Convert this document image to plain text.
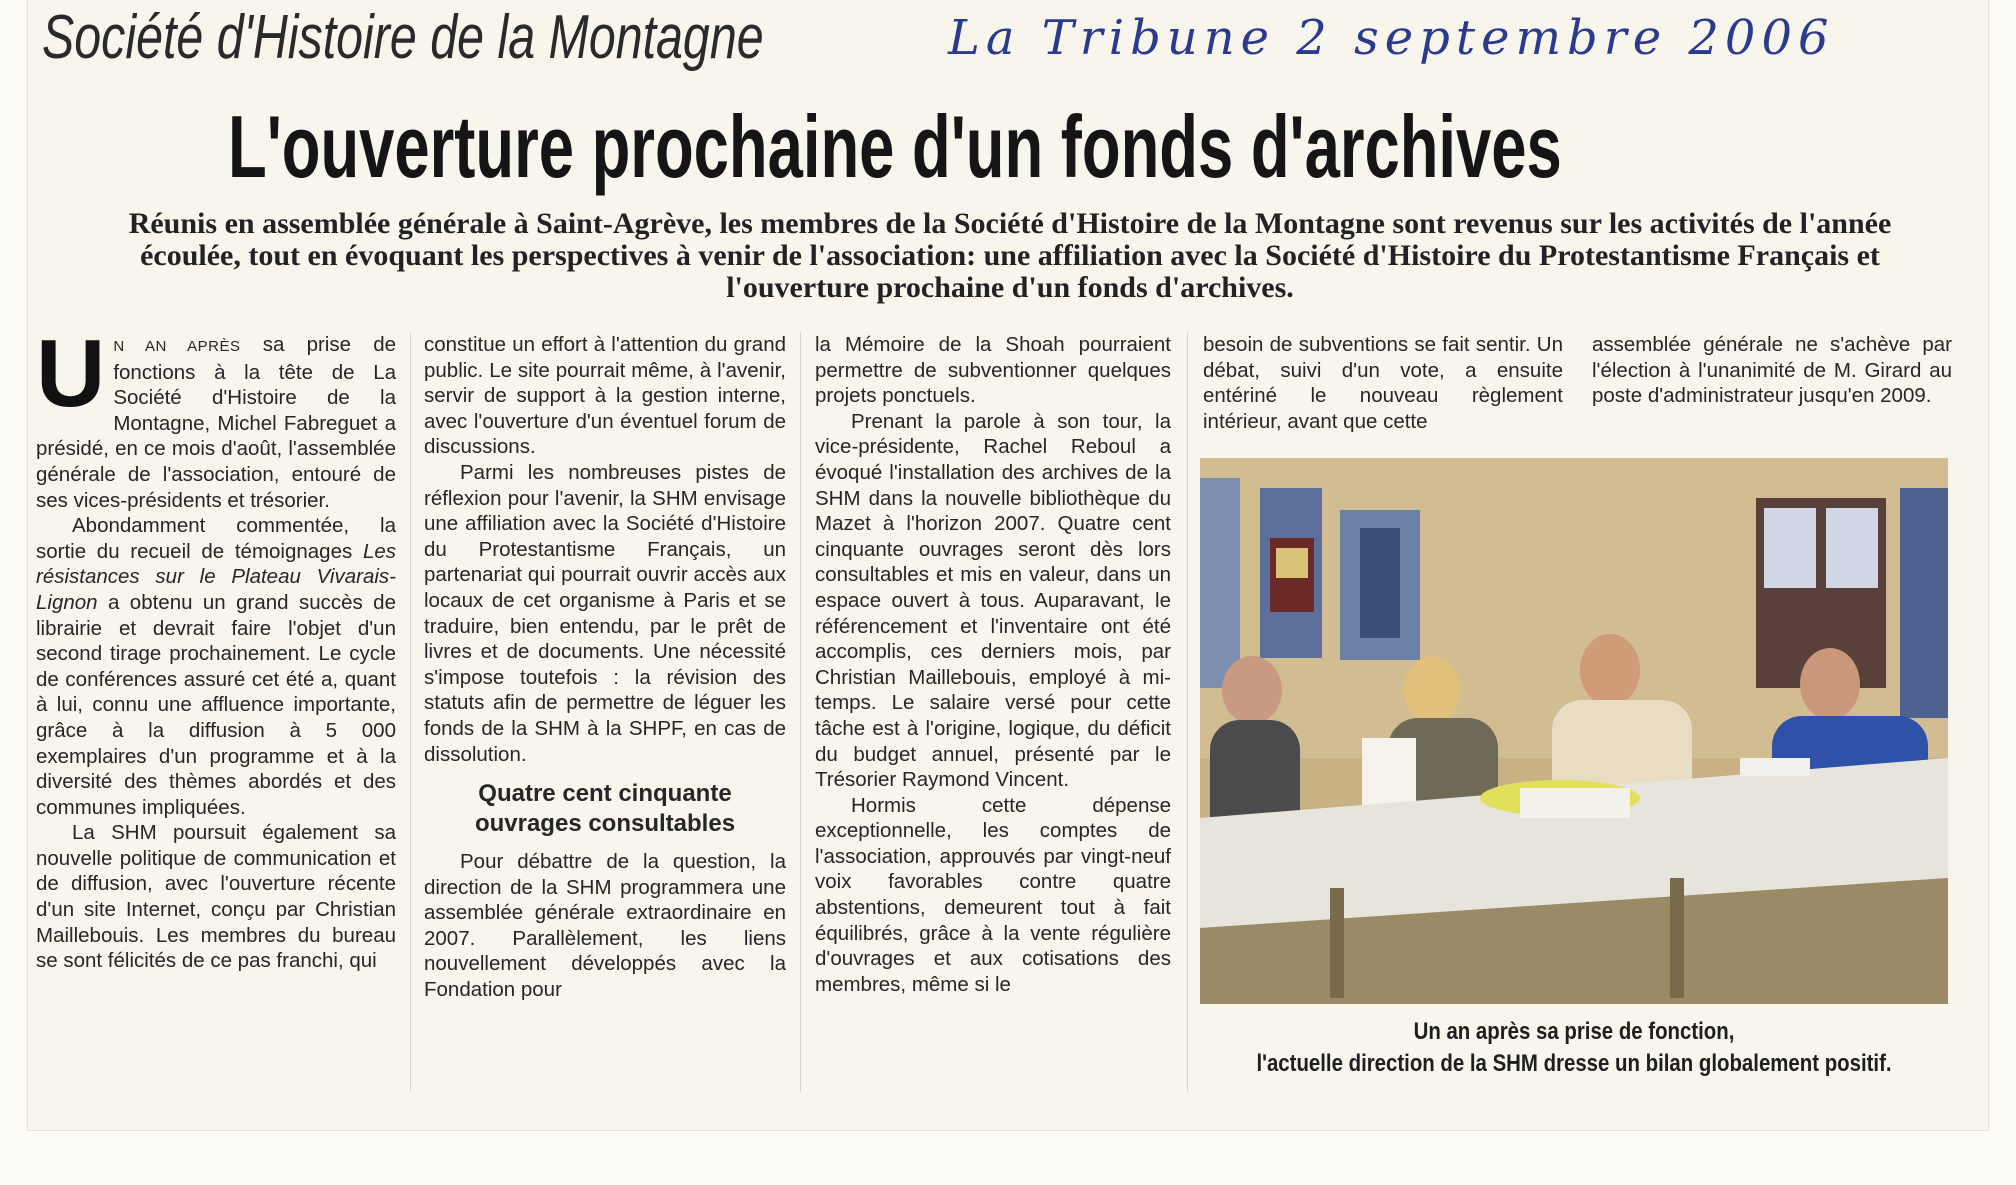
Société d'Histoire de la Montagne	La Tribune 2 septembre 2006
L'ouverture prochaine d'un fonds d'archives
Réunis en assemblée générale à Saint-Agrève, les membres de la Société d'Histoire de la Montagne sont revenus sur les activités de l'année écoulée, tout en évoquant les perspectives à venir de l'association: une affiliation avec la Société d'Histoire du Protestantisme Français et l'ouverture prochaine d'un fonds d'archives.

U N AN APRÈS sa prise de fonctions à la tête de La Société d'Histoire de la Montagne, Michel Fabreguet a présidé, en ce mois d'août, l'assemblée générale de l'association, entouré de ses vices-présidents et trésorier.

Abondamment commentée, la sortie du recueil de témoignages Les résistances sur le Plateau Vivarais-Lignon a obtenu un grand succès de librairie et devrait faire l'objet d'un second tirage prochainement. Le cycle de conférences assuré cet été a, quant à lui, connu une affluence importante, grâce à la diffusion à 5 000 exemplaires d'un programme et à la diversité des thèmes abordés et des communes impliquées.

La SHM poursuit également sa nouvelle politique de communication et de diffusion, avec l'ouverture récente d'un site Internet, conçu par Christian Maillebouis. Les membres du bureau se sont félicités de ce pas franchi, qui

constitue un effort à l'attention du grand public. Le site pourrait même, à l'avenir, servir de support à la gestion interne, avec l'ouverture d'un éventuel forum de discussions.

Parmi les nombreuses pistes de réflexion pour l'avenir, la SHM envisage une affiliation avec la Société d'Histoire du Protestantisme Français, un partenariat qui pourrait ouvrir accès aux locaux de cet organisme à Paris et se traduire, bien entendu, par le prêt de livres et de documents. Une nécessité s'impose toutefois : la révision des statuts afin de permettre de léguer les fonds de la SHM à la SHPF, en cas de dissolution.

Quatre cent cinquante ouvrages consultables

Pour débattre de la question, la direction de la SHM programmera une assemblée générale extraordinaire en 2007. Parallèlement, les liens nouvellement développés avec la Fondation pour

la Mémoire de la Shoah pourraient permettre de subventionner quelques projets ponctuels.

Prenant la parole à son tour, la vice-présidente, Rachel Reboul a évoqué l'installation des archives de la SHM dans la nouvelle bibliothèque du Mazet à l'horizon 2007. Quatre cent cinquante ouvrages seront dès lors consultables et mis en valeur, dans un espace ouvert à tous. Auparavant, le référencement et l'inventaire ont été accomplis, ces derniers mois, par Christian Maillebouis, employé à mi-temps. Le salaire versé pour cette tâche est à l'origine, logique, du déficit du budget annuel, présenté par le Trésorier Raymond Vincent.

Hormis cette dépense exceptionnelle, les comptes de l'association, approuvés par vingt-neuf voix favorables contre quatre abstentions, demeurent tout à fait équilibrés, grâce à la vente régulière d'ouvrages et aux cotisations des membres, même si le

besoin de subventions se fait sentir. Un débat, suivi d'un vote, a ensuite entériné le nouveau règlement intérieur, avant que cette

assemblée générale ne s'achève par l'élection à l'unanimité de M. Girard au poste d'administrateur jusqu'en 2009.

Un an après sa prise de fonction,
l'actuelle direction de la SHM dresse un bilan globalement positif.
